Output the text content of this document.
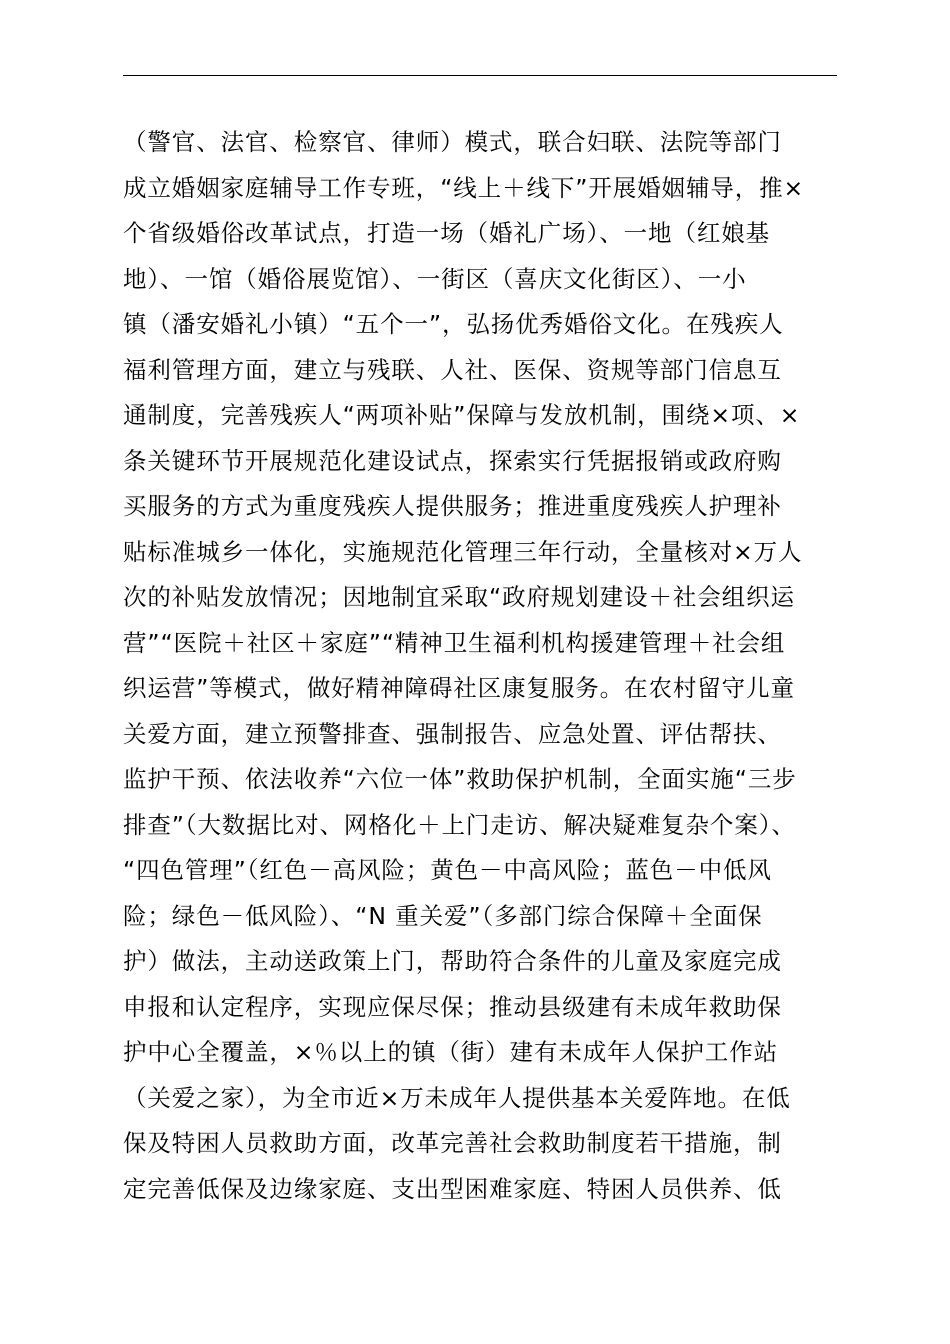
（警官、法官、检察官、律师）模式，联合妇联、法院等部门
成立婚姻家庭辅导工作专班，“线上＋线下”开展婚姻辅导，推×
个省级婚俗改革试点，打造一场（婚礼广场）、一地（红娘基
地）、一馆（婚俗展览馆）、一街区（喜庆文化街区）、一小
镇（潘安婚礼小镇）“五个一”，弘扬优秀婚俗文化。在残疾人
福利管理方面，建立与残联、人社、医保、资规等部门信息互
通制度，完善残疾人“两项补贴”保障与发放机制，围绕×项、×
条关键环节开展规范化建设试点，探索实行凭据报销或政府购
买服务的方式为重度残疾人提供服务；推进重度残疾人护理补
贴标准城乡一体化，实施规范化管理三年行动，全量核对×万人
次的补贴发放情况；因地制宜采取“政府规划建设＋社会组织运
营”“医院＋社区＋家庭”“精神卫生福利机构援建管理＋社会组
织运营”等模式，做好精神障碍社区康复服务。在农村留守儿童
关爱方面，建立预警排查、强制报告、应急处置、评估帮扶、
监护干预、依法收养“六位一体”救助保护机制，全面实施“三步
排查”（大数据比对、网格化＋上门走访、解决疑难复杂个案）、
“四色管理”（红色－高风险；黄色－中高风险；蓝色－中低风
险；绿色－低风险）、“N 重关爱”（多部门综合保障＋全面保
护）做法，主动送政策上门，帮助符合条件的儿童及家庭完成
申报和认定程序，实现应保尽保；推动县级建有未成年救助保
护中心全覆盖，×％以上的镇（街）建有未成年人保护工作站
（关爱之家），为全市近×万未成年人提供基本关爱阵地。在低
保及特困人员救助方面，改革完善社会救助制度若干措施，制
定完善低保及边缘家庭、支出型困难家庭、特困人员供养、低
